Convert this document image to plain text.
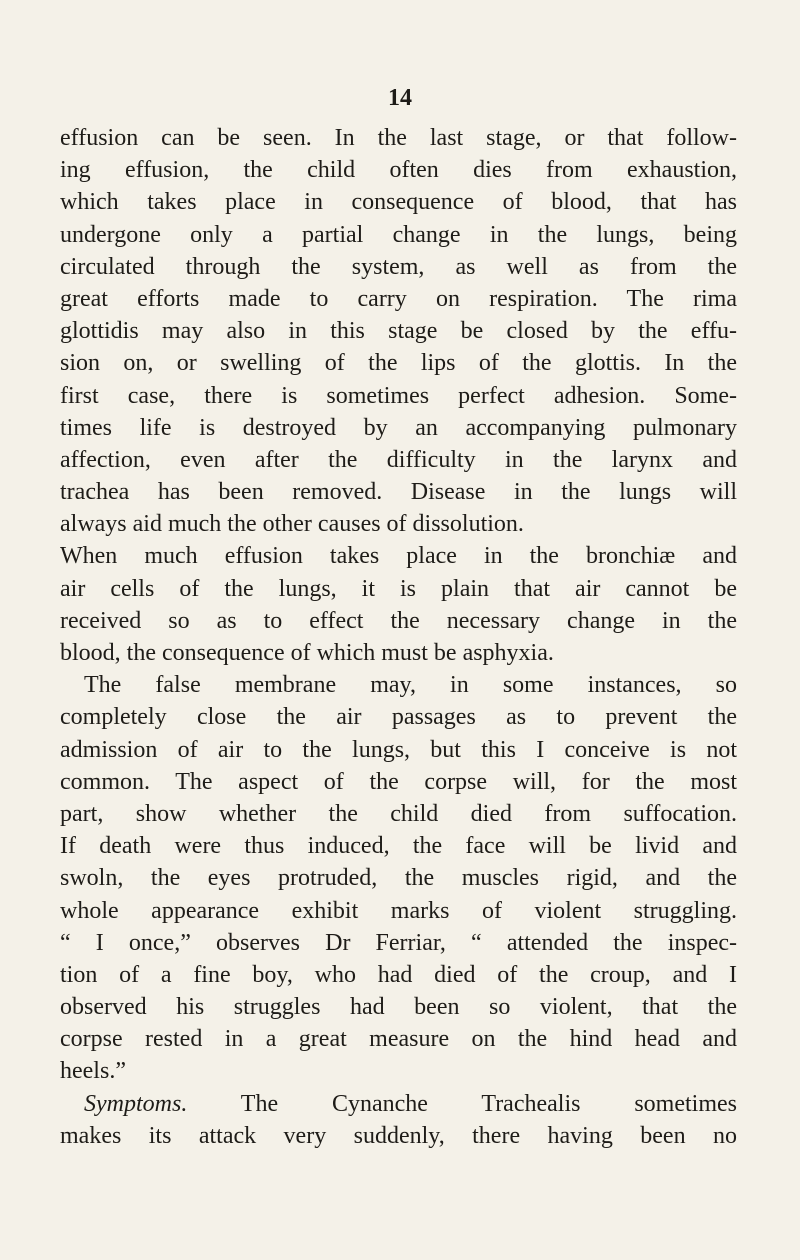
14
effusion can be seen. In the last stage, or that follow-
ing effusion, the child often dies from exhaustion,
which takes place in consequence of blood, that has
undergone only a partial change in the lungs, being
circulated through the system, as well as from the
great efforts made to carry on respiration. The rima
glottidis may also in this stage be closed by the effu-
sion on, or swelling of the lips of the glottis. In the
first case, there is sometimes perfect adhesion. Some-
times life is destroyed by an accompanying pulmonary
affection, even after the difficulty in the larynx and
trachea has been removed. Disease in the lungs will
always aid much the other causes of dissolution.
When much effusion takes place in the bronchiæ and
air cells of the lungs, it is plain that air cannot be
received so as to effect the necessary change in the
blood, the consequence of which must be asphyxia.
The false membrane may, in some instances, so
completely close the air passages as to prevent the
admission of air to the lungs, but this I conceive is not
common. The aspect of the corpse will, for the most
part, show whether the child died from suffocation.
If death were thus induced, the face will be livid and
swoln, the eyes protruded, the muscles rigid, and the
whole appearance exhibit marks of violent struggling.
“ I once,” observes Dr Ferriar, “ attended the inspec-
tion of a fine boy, who had died of the croup, and I
observed his struggles had been so violent, that the
corpse rested in a great measure on the hind head and
heels.”
Symptoms. The Cynanche Trachealis sometimes
makes its attack very suddenly, there having been no
